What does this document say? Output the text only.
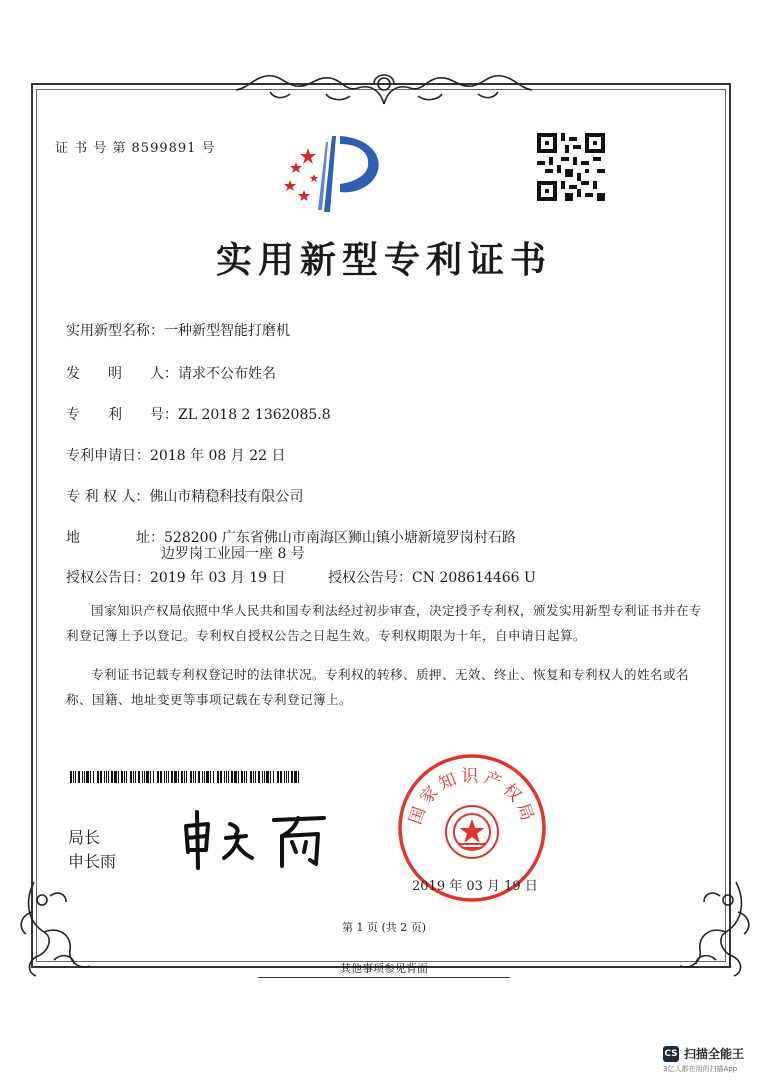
证 书 号 第 8599891 号
实用新型专利证书
实用新型名称：一种新型智能打磨机
发　　明　　人：请求不公布姓名
专　　利　　号：ZL 2018 2 1362085.8
专利申请日：2018 年 08 月 22 日
专 利 权 人：佛山市精稳科技有限公司
地　　　　址：528200 广东省佛山市南海区狮山镇小塘新境罗岗村石路
边罗岗工业园一座 8 号
授权公告日：2019 年 03 月 19 日	授权公告号：CN 208614466 U
国家知识产权局依照中华人民共和国专利法经过初步审查，决定授予专利权，颁发实用新型专利证书并在专利登记簿上予以登记。专利权自授权公告之日起生效。专利权期限为十年，自申请日起算。
专利证书记载专利权登记时的法律状况。专利权的转移、质押、无效、终止、恢复和专利权人的姓名或名称、国籍、地址变更等事项记载在专利登记簿上。
局长
申长雨
国家知识产权局
2019 年 03 月 19 日
第 1 页 (共 2 页)
其他事项参见背面
CS 扫描全能王
3亿人都在用的扫描App
